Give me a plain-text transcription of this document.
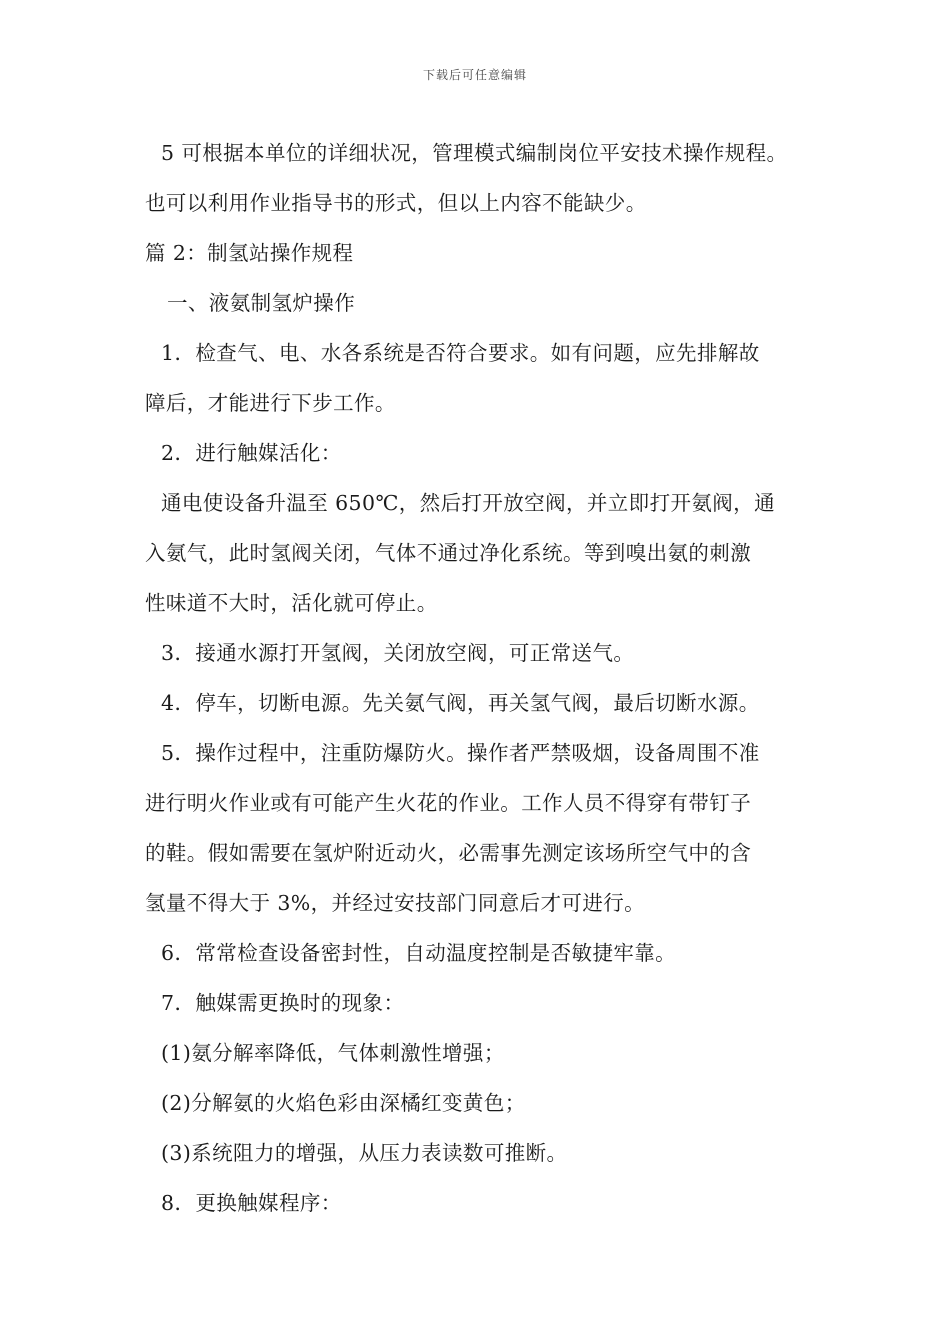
下载后可任意编辑
5 可根据本单位的详细状况，管理模式编制岗位平安技术操作规程。
也可以利用作业指导书的形式，但以上内容不能缺少。
篇 2：制氢站操作规程
一、液氨制氢炉操作
1．检查气、电、水各系统是否符合要求。如有问题，应先排解故
障后，才能进行下步工作。
2．进行触媒活化：
通电使设备升温至 650℃，然后打开放空阀，并立即打开氨阀，通
入氨气，此时氢阀关闭，气体不通过净化系统。等到嗅出氨的刺激
性味道不大时，活化就可停止。
3．接通水源打开氢阀，关闭放空阀，可正常送气。
4．停车，切断电源。先关氨气阀，再关氢气阀，最后切断水源。
5．操作过程中，注重防爆防火。操作者严禁吸烟，设备周围不准
进行明火作业或有可能产生火花的作业。工作人员不得穿有带钉子
的鞋。假如需要在氢炉附近动火，必需事先测定该场所空气中的含
氢量不得大于 3%，并经过安技部门同意后才可进行。
6．常常检查设备密封性，自动温度控制是否敏捷牢靠。
7．触媒需更换时的现象：
(1)氨分解率降低，气体刺激性增强；
(2)分解氨的火焰色彩由深橘红变黄色；
(3)系统阻力的增强，从压力表读数可推断。
8．更换触媒程序：
